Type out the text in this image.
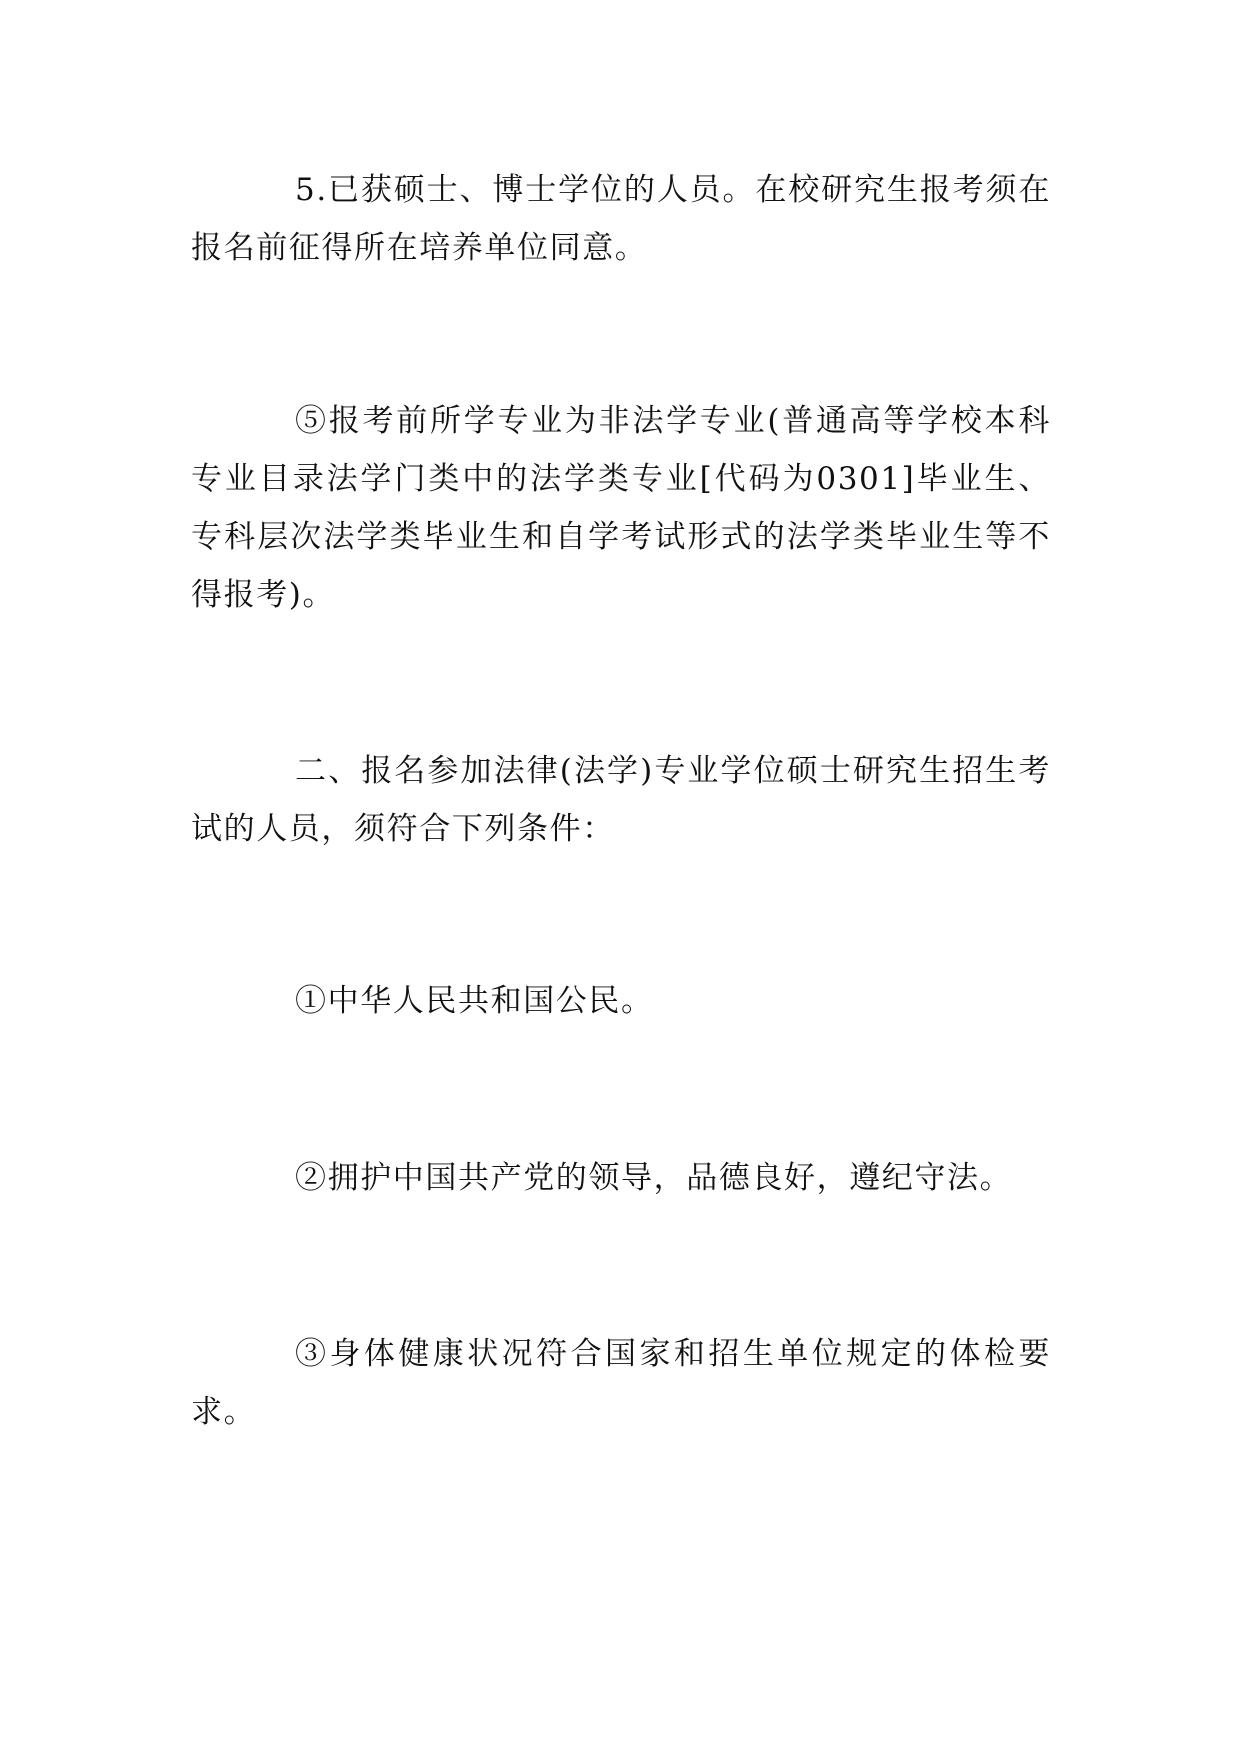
5.已获硕士、博士学位的人员。在校研究生报考须在报名前征得所在培养单位同意。

⑤报考前所学专业为非法学专业(普通高等学校本科专业目录法学门类中的法学类专业[代码为0301]毕业生、专科层次法学类毕业生和自学考试形式的法学类毕业生等不得报考)。

二、报名参加法律(法学)专业学位硕士研究生招生考试的人员，须符合下列条件：

①中华人民共和国公民。

②拥护中国共产党的领导，品德良好，遵纪守法。

③身体健康状况符合国家和招生单位规定的体检要求。
